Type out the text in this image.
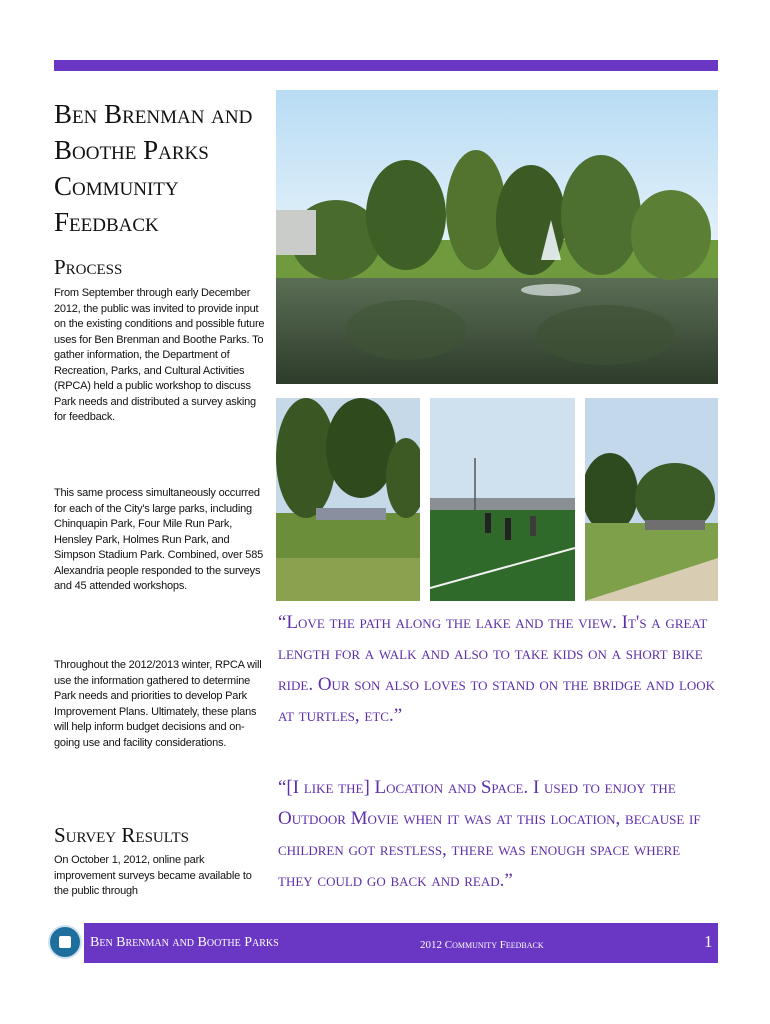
Ben Brenman and
Boothe Parks
Community Feedback
Process

From September through early December 2012, the public was invited to provide input on the existing conditions and possible future uses for Ben Brenman and Boothe Parks. To gather information, the Department of Recreation, Parks, and Cultural Activities (RPCA) held a public workshop to discuss Park needs and distributed a survey asking for feedback.

This same process simultaneously occurred for each of the City's large parks, including Chinquapin Park, Four Mile Run Park, Hensley Park, Holmes Run Park, and Simpson Stadium Park. Combined, over 585 Alexandria people responded to the surveys and 45 attended workshops.

Throughout the 2012/2013 winter, RPCA will use the information gathered to determine Park needs and priorities to develop Park Improvement Plans. Ultimately, these plans will help inform budget decisions and on-going use and facility considerations.

Survey Results

On October 1, 2012, online park improvement surveys became available to the public through

“Love the path along the lake and the view. It's a great length for a walk and also to take kids on a short bike ride. Our son also loves to stand on the bridge and look at turtles, etc.”

“[I like the] Location and Space. I used to enjoy the Outdoor Movie when it was at this location, because if children got restless, there was enough space where they could go back and read.”

Ben Brenman and Boothe Parks	2012 Community Feedback	1
